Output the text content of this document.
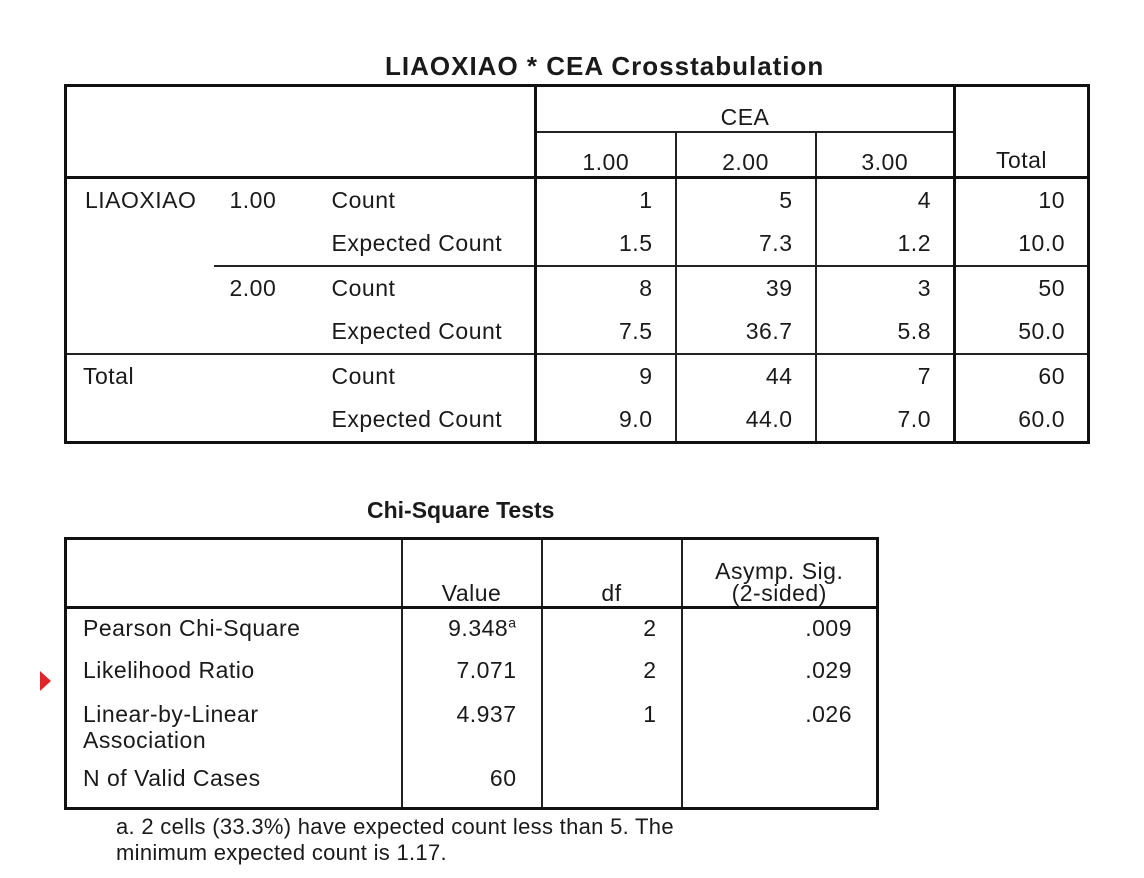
LIAOXIAO * CEA Crosstabulation
			CEA			Total
			1.00	2.00	3.00	
LIAOXIAO	1.00	Count	1	5	4	10
		Expected Count	1.5	7.3	1.2	10.0
	2.00	Count	8	39	3	50
		Expected Count	7.5	36.7	5.8	50.0
Total		Count	9	44	7	60
		Expected Count	9.0	44.0	7.0	60.0
Chi-Square Tests
	Value	df	Asymp. Sig.
(2-sided)

Pearson Chi-Square	9.348$^a$	2	.009
Likelihood Ratio	7.071	2	.029

Linear-by-Linear
Association	4.937	1	.026
N of Valid Cases	60		
a. 2 cells (33.3%) have expected count less than 5. The
minimum expected count is 1.17.
